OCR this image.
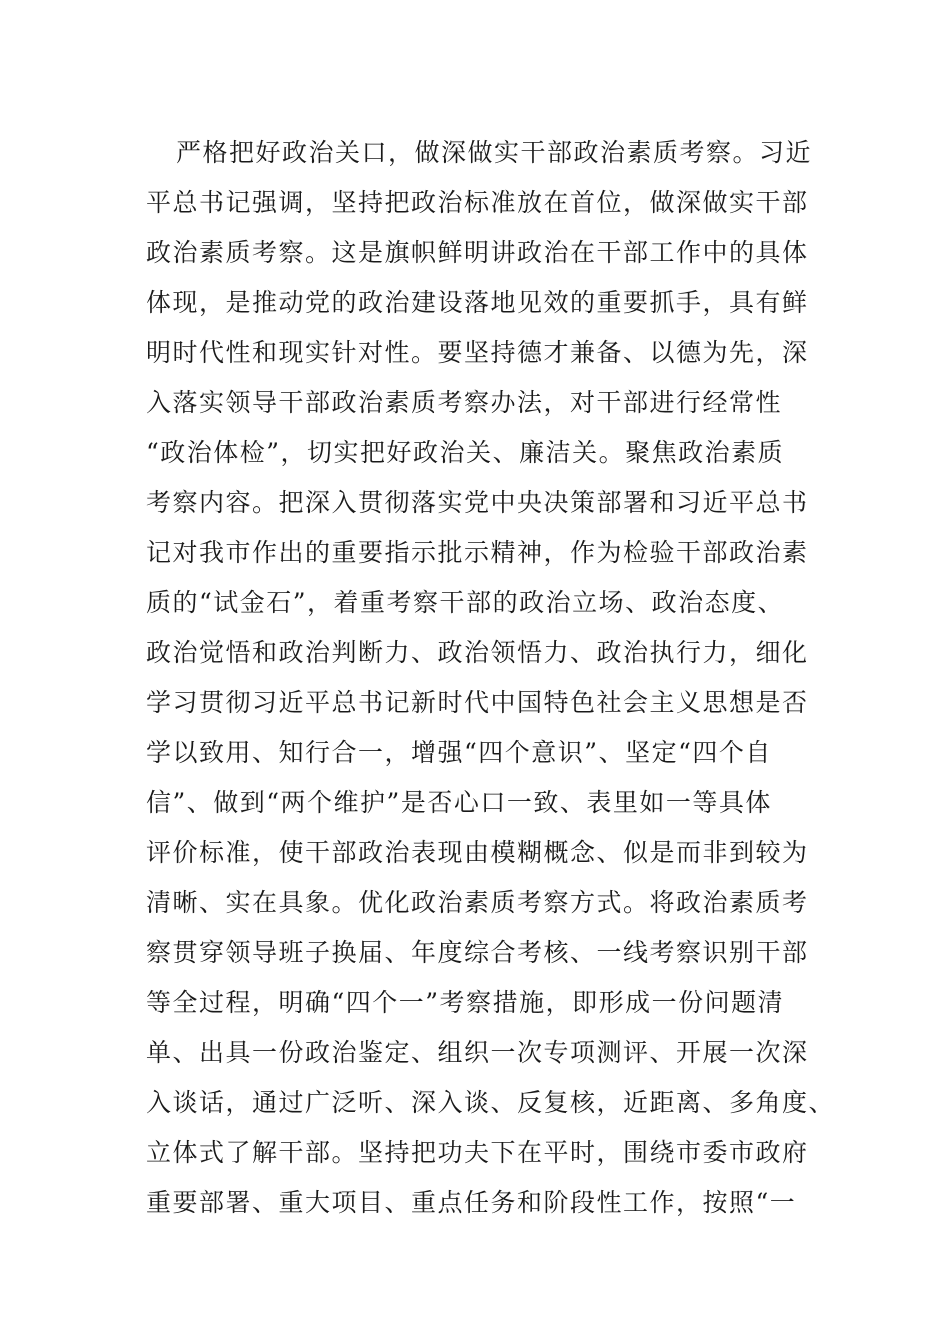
严格把好政治关口，做深做实干部政治素质考察。习近
平总书记强调，坚持把政治标准放在首位，做深做实干部
政治素质考察。这是旗帜鲜明讲政治在干部工作中的具体
体现，是推动党的政治建设落地见效的重要抓手，具有鲜
明时代性和现实针对性。要坚持德才兼备、以德为先，深
入落实领导干部政治素质考察办法，对干部进行经常性
“政治体检”，切实把好政治关、廉洁关。聚焦政治素质
考察内容。把深入贯彻落实党中央决策部署和习近平总书
记对我市作出的重要指示批示精神，作为检验干部政治素
质的“试金石”，着重考察干部的政治立场、政治态度、
政治觉悟和政治判断力、政治领悟力、政治执行力，细化
学习贯彻习近平总书记新时代中国特色社会主义思想是否
学以致用、知行合一，增强“四个意识”、坚定“四个自
信”、做到“两个维护”是否心口一致、表里如一等具体
评价标准，使干部政治表现由模糊概念、似是而非到较为
清晰、实在具象。优化政治素质考察方式。将政治素质考
察贯穿领导班子换届、年度综合考核、一线考察识别干部
等全过程，明确“四个一”考察措施，即形成一份问题清
单、出具一份政治鉴定、组织一次专项测评、开展一次深
入谈话，通过广泛听、深入谈、反复核，近距离、多角度、
立体式了解干部。坚持把功夫下在平时，围绕市委市政府
重要部署、重大项目、重点任务和阶段性工作，按照“一
